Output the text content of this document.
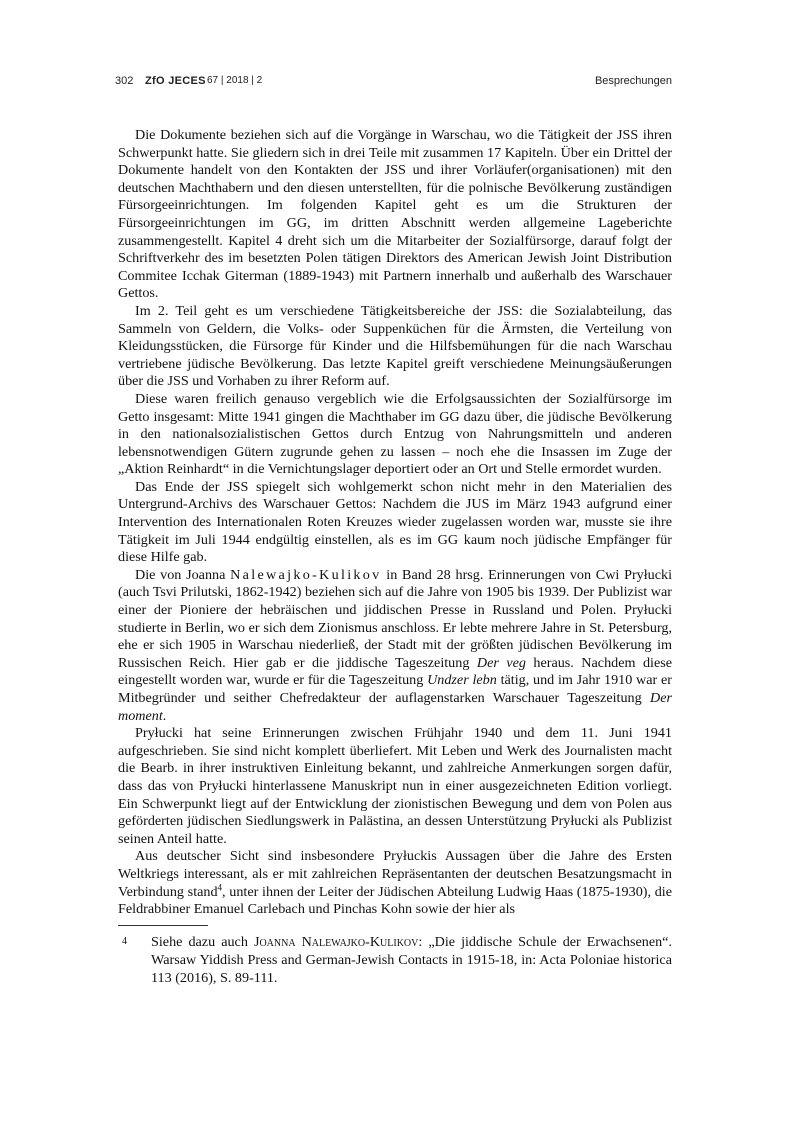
302 ZfO JECES 67 | 2018 | 2	Besprechungen

Die Dokumente beziehen sich auf die Vorgänge in Warschau, wo die Tätigkeit der JSS ihren Schwerpunkt hatte. Sie gliedern sich in drei Teile mit zusammen 17 Kapiteln. Über ein Drittel der Dokumente handelt von den Kontakten der JSS und ihrer Vorläufer(organisationen) mit den deutschen Machthabern und den diesen unterstellten, für die polnische Bevölkerung zuständigen Fürsorgeeinrichtungen. Im folgenden Kapitel geht es um die Strukturen der Fürsorgeeinrichtungen im GG, im dritten Abschnitt werden allgemeine Lageberichte zusammengestellt. Kapitel 4 dreht sich um die Mitarbeiter der Sozialfürsorge, darauf folgt der Schriftverkehr des im besetzten Polen tätigen Direktors des American Jewish Joint Distribution Commitee Icchak Giterman (1889-1943) mit Partnern innerhalb und außerhalb des Warschauer Gettos.

Im 2. Teil geht es um verschiedene Tätigkeitsbereiche der JSS: die Sozialabteilung, das Sammeln von Geldern, die Volks- oder Suppenküchen für die Ärmsten, die Verteilung von Kleidungsstücken, die Fürsorge für Kinder und die Hilfsbemühungen für die nach Warschau vertriebene jüdische Bevölkerung. Das letzte Kapitel greift verschiedene Meinungsäußerungen über die JSS und Vorhaben zu ihrer Reform auf.

Diese waren freilich genauso vergeblich wie die Erfolgsaussichten der Sozialfürsorge im Getto insgesamt: Mitte 1941 gingen die Machthaber im GG dazu über, die jüdische Bevölkerung in den nationalsozialistischen Gettos durch Entzug von Nahrungsmitteln und anderen lebensnotwendigen Gütern zugrunde gehen zu lassen – noch ehe die Insassen im Zuge der „Aktion Reinhardt“ in die Vernichtungslager deportiert oder an Ort und Stelle ermordet wurden.

Das Ende der JSS spiegelt sich wohlgemerkt schon nicht mehr in den Materialien des Untergrund-Archivs des Warschauer Gettos: Nachdem die JUS im März 1943 aufgrund einer Intervention des Internationalen Roten Kreuzes wieder zugelassen worden war, musste sie ihre Tätigkeit im Juli 1944 endgültig einstellen, als es im GG kaum noch jüdische Empfänger für diese Hilfe gab.

Die von Joanna Nalewajko-Kulikov in Band 28 hrsg. Erinnerungen von Cwi Pryłucki (auch Tsvi Prilutski, 1862-1942) beziehen sich auf die Jahre von 1905 bis 1939. Der Publizist war einer der Pioniere der hebräischen und jiddischen Presse in Russland und Polen. Pryłucki studierte in Berlin, wo er sich dem Zionismus anschloss. Er lebte mehrere Jahre in St. Petersburg, ehe er sich 1905 in Warschau niederließ, der Stadt mit der größten jüdischen Bevölkerung im Russischen Reich. Hier gab er die jiddische Tageszeitung Der veg heraus. Nachdem diese eingestellt worden war, wurde er für die Tageszeitung Undzer lebn tätig, und im Jahr 1910 war er Mitbegründer und seither Chefredakteur der auflagenstarken Warschauer Tageszeitung Der moment.

Pryłucki hat seine Erinnerungen zwischen Frühjahr 1940 und dem 11. Juni 1941 aufgeschrieben. Sie sind nicht komplett überliefert. Mit Leben und Werk des Journalisten macht die Bearb. in ihrer instruktiven Einleitung bekannt, und zahlreiche Anmerkungen sorgen dafür, dass das von Pryłucki hinterlassene Manuskript nun in einer ausgezeichneten Edition vorliegt. Ein Schwerpunkt liegt auf der Entwicklung der zionistischen Bewegung und dem von Polen aus geförderten jüdischen Siedlungswerk in Palästina, an dessen Unterstützung Pryłucki als Publizist seinen Anteil hatte.

Aus deutscher Sicht sind insbesondere Pryłuckis Aussagen über die Jahre des Ersten Weltkriegs interessant, als er mit zahlreichen Repräsentanten der deutschen Besatzungsmacht in Verbindung stand$^4$, unter ihnen der Leiter der Jüdischen Abteilung Ludwig Haas (1875-1930), die Feldrabbiner Emanuel Carlebach und Pinchas Kohn sowie der hier als

4 Siehe dazu auch Joanna Nalewajko-Kulikov: „Die jiddische Schule der Erwachsenen“. Warsaw Yiddish Press and German-Jewish Contacts in 1915-18, in: Acta Poloniae historica 113 (2016), S. 89-111.
